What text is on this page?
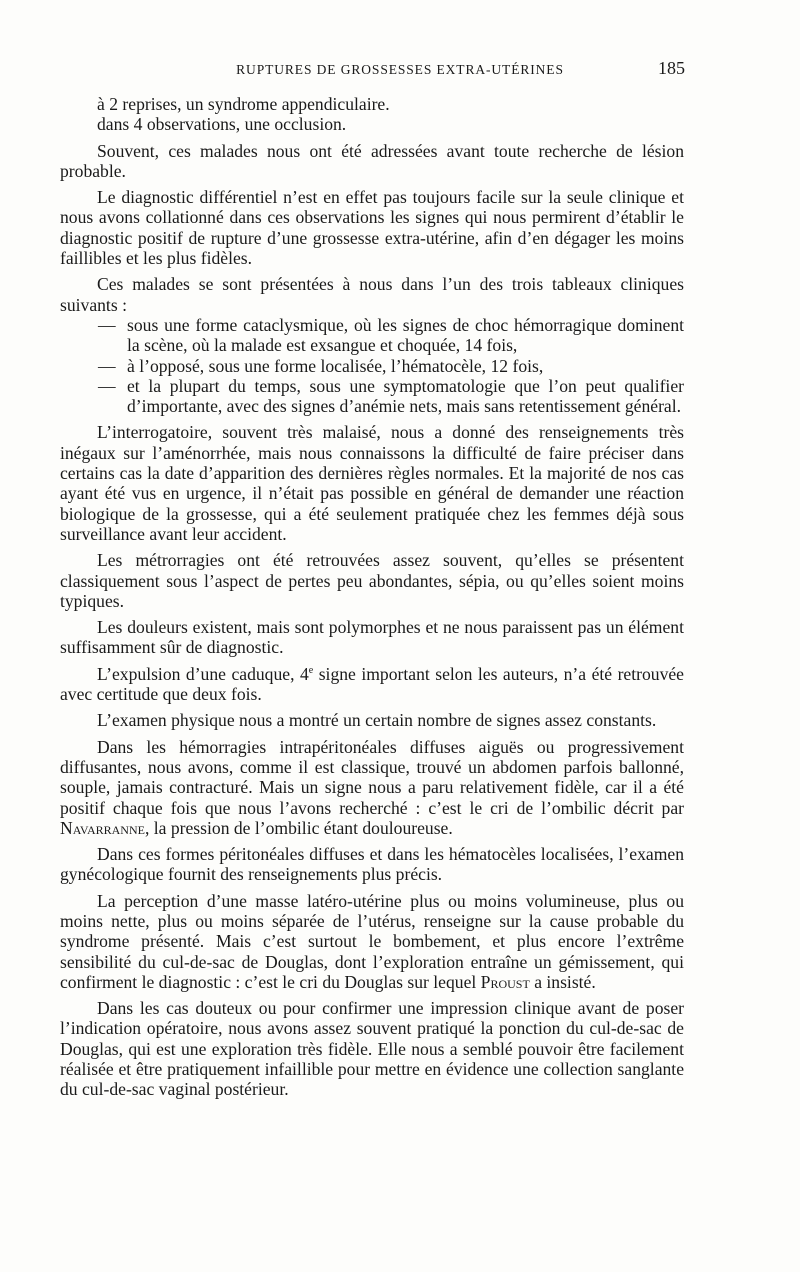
RUPTURES DE GROSSESSES EXTRA-UTÉRINES	185

à 2 reprises, un syndrome appendiculaire.

dans 4 observations, une occlusion.

Souvent, ces malades nous ont été adressées avant toute recherche de lésion probable.

Le diagnostic différentiel n’est en effet pas toujours facile sur la seule clinique et nous avons collationné dans ces observations les signes qui nous permirent d’établir le diagnostic positif de rupture d’une grossesse extra-utérine, afin d’en dégager les moins faillibles et les plus fidèles.

Ces malades se sont présentées à nous dans l’un des trois tableaux cliniques suivants :

— sous une forme cataclysmique, où les signes de choc hémorragique dominent la scène, où la malade est exsangue et choquée, 14 fois,
— à l’opposé, sous une forme localisée, l’hématocèle, 12 fois,
— et la plupart du temps, sous une symptomatologie que l’on peut qualifier d’importante, avec des signes d’anémie nets, mais sans retentissement général.

L’interrogatoire, souvent très malaisé, nous a donné des renseignements très inégaux sur l’aménorrhée, mais nous connaissons la difficulté de faire préciser dans certains cas la date d’apparition des dernières règles normales. Et la majorité de nos cas ayant été vus en urgence, il n’était pas possible en général de demander une réaction biologique de la grossesse, qui a été seulement pratiquée chez les femmes déjà sous surveillance avant leur accident.

Les métrorragies ont été retrouvées assez souvent, qu’elles se présentent classiquement sous l’aspect de pertes peu abondantes, sépia, ou qu’elles soient moins typiques.

Les douleurs existent, mais sont polymorphes et ne nous paraissent pas un élément suffisamment sûr de diagnostic.

L’expulsion d’une caduque, 4e signe important selon les auteurs, n’a été retrouvée avec certitude que deux fois.

L’examen physique nous a montré un certain nombre de signes assez constants.

Dans les hémorragies intrapéritonéales diffuses aiguës ou progressivement diffusantes, nous avons, comme il est classique, trouvé un abdomen parfois ballonné, souple, jamais contracturé. Mais un signe nous a paru relativement fidèle, car il a été positif chaque fois que nous l’avons recherché : c’est le cri de l’ombilic décrit par Navarranne, la pression de l’ombilic étant douloureuse.

Dans ces formes péritonéales diffuses et dans les hématocèles localisées, l’examen gynécologique fournit des renseignements plus précis.

La perception d’une masse latéro-utérine plus ou moins volumineuse, plus ou moins nette, plus ou moins séparée de l’utérus, renseigne sur la cause probable du syndrome présenté. Mais c’est surtout le bombement, et plus encore l’extrême sensibilité du cul-de-sac de Douglas, dont l’exploration entraîne un gémissement, qui confirment le diagnostic : c’est le cri du Douglas sur lequel Proust a insisté.

Dans les cas douteux ou pour confirmer une impression clinique avant de poser l’indication opératoire, nous avons assez souvent pratiqué la ponction du cul-de-sac de Douglas, qui est une exploration très fidèle. Elle nous a semblé pouvoir être facilement réalisée et être pratiquement infaillible pour mettre en évidence une collection sanglante du cul-de-sac vaginal postérieur.
